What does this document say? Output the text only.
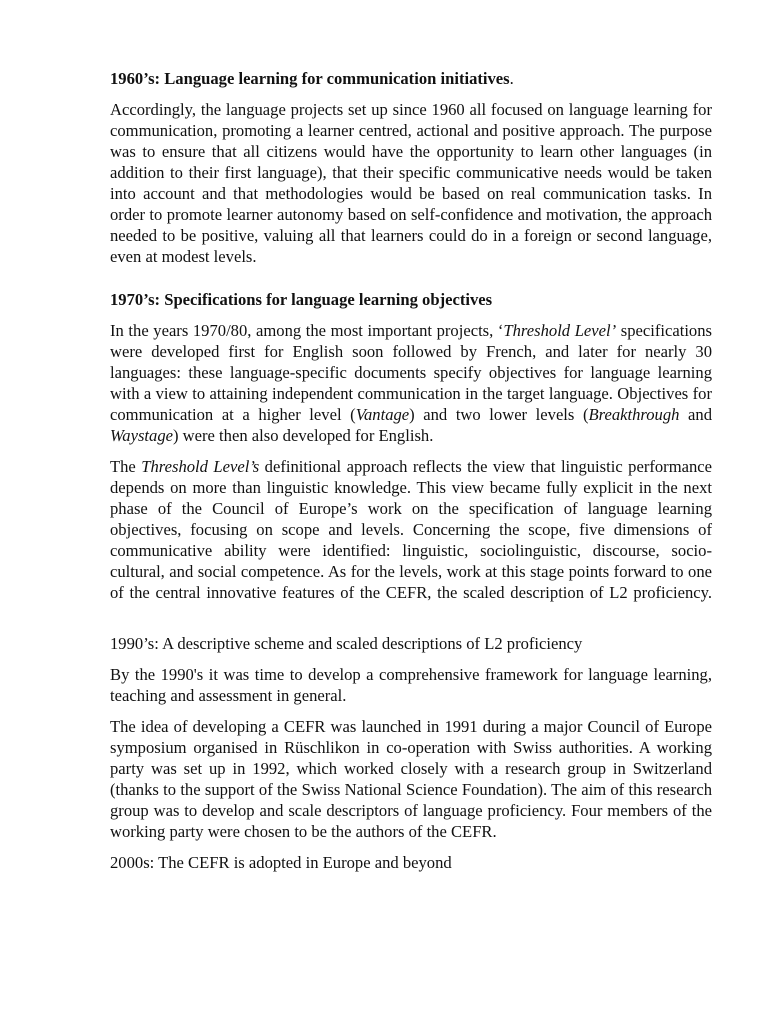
1960’s: Language learning for communication initiatives.

Accordingly, the language projects set up since 1960 all focused on language learning for communication, promoting a learner centred, actional and positive approach. The purpose was to ensure that all citizens would have the opportunity to learn other languages (in addition to their first language), that their specific communicative needs would be taken into account and that methodologies would be based on real communication tasks. In order to promote learner autonomy based on self-confidence and motivation, the approach needed to be positive, valuing all that learners could do in a foreign or second language, even at modest levels.

1970’s: Specifications for language learning objectives

In the years 1970/80, among the most important projects, ‘Threshold Level’ specifications were developed first for English soon followed by French, and later for nearly 30 languages: these language-specific documents specify objectives for language learning with a view to attaining independent communication in the target language. Objectives for communication at a higher level (Vantage) and two lower levels (Breakthrough and Waystage) were then also developed for English.

The Threshold Level’s definitional approach reflects the view that linguistic performance depends on more than linguistic knowledge. This view became fully explicit in the next phase of the Council of Europe’s work on the specification of language learning objectives, focusing on scope and levels. Concerning the scope, five dimensions of communicative ability were identified: linguistic, sociolinguistic, discourse, socio-cultural, and social competence. As for the levels, work at this stage points forward to one of the central innovative features of the CEFR, the scaled description of L2 proficiency.

1990’s: A descriptive scheme and scaled descriptions of L2 proficiency

By the 1990's it was time to develop a comprehensive framework for language learning, teaching and assessment in general.

The idea of developing a CEFR was launched in 1991 during a major Council of Europe symposium organised in Rüschlikon in co-operation with Swiss authorities. A working party was set up in 1992, which worked closely with a research group in Switzerland (thanks to the support of the Swiss National Science Foundation). The aim of this research group was to develop and scale descriptors of language proficiency. Four members of the working party were chosen to be the authors of the CEFR.

2000s: The CEFR is adopted in Europe and beyond
